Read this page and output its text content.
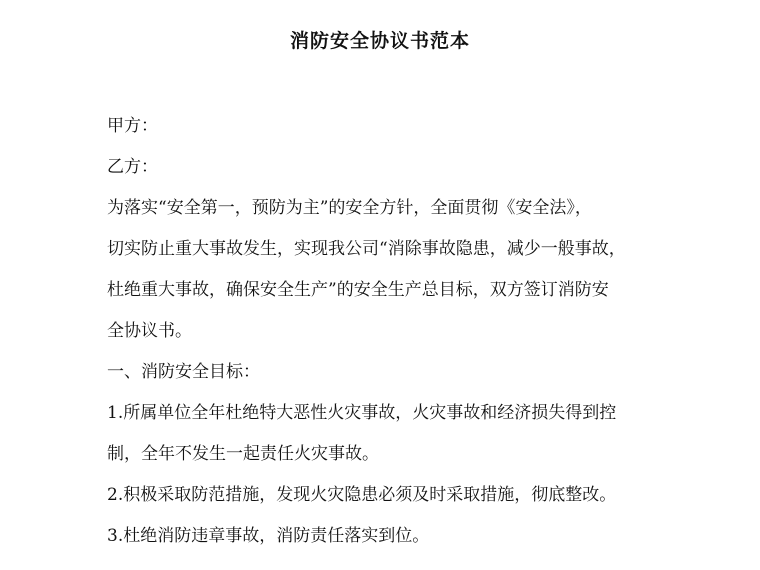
消防安全协议书范本
甲方：
乙方：
为落实“安全第一，预防为主”的安全方针，全面贯彻《安全法》，
切实防止重大事故发生，实现我公司“消除事故隐患，减少一般事故，
杜绝重大事故，确保安全生产”的安全生产总目标，双方签订消防安
全协议书。
一、消防安全目标：
1.所属单位全年杜绝特大恶性火灾事故，火灾事故和经济损失得到控
制，全年不发生一起责任火灾事故。
2.积极采取防范措施，发现火灾隐患必须及时采取措施，彻底整改。
3.杜绝消防违章事故，消防责任落实到位。
